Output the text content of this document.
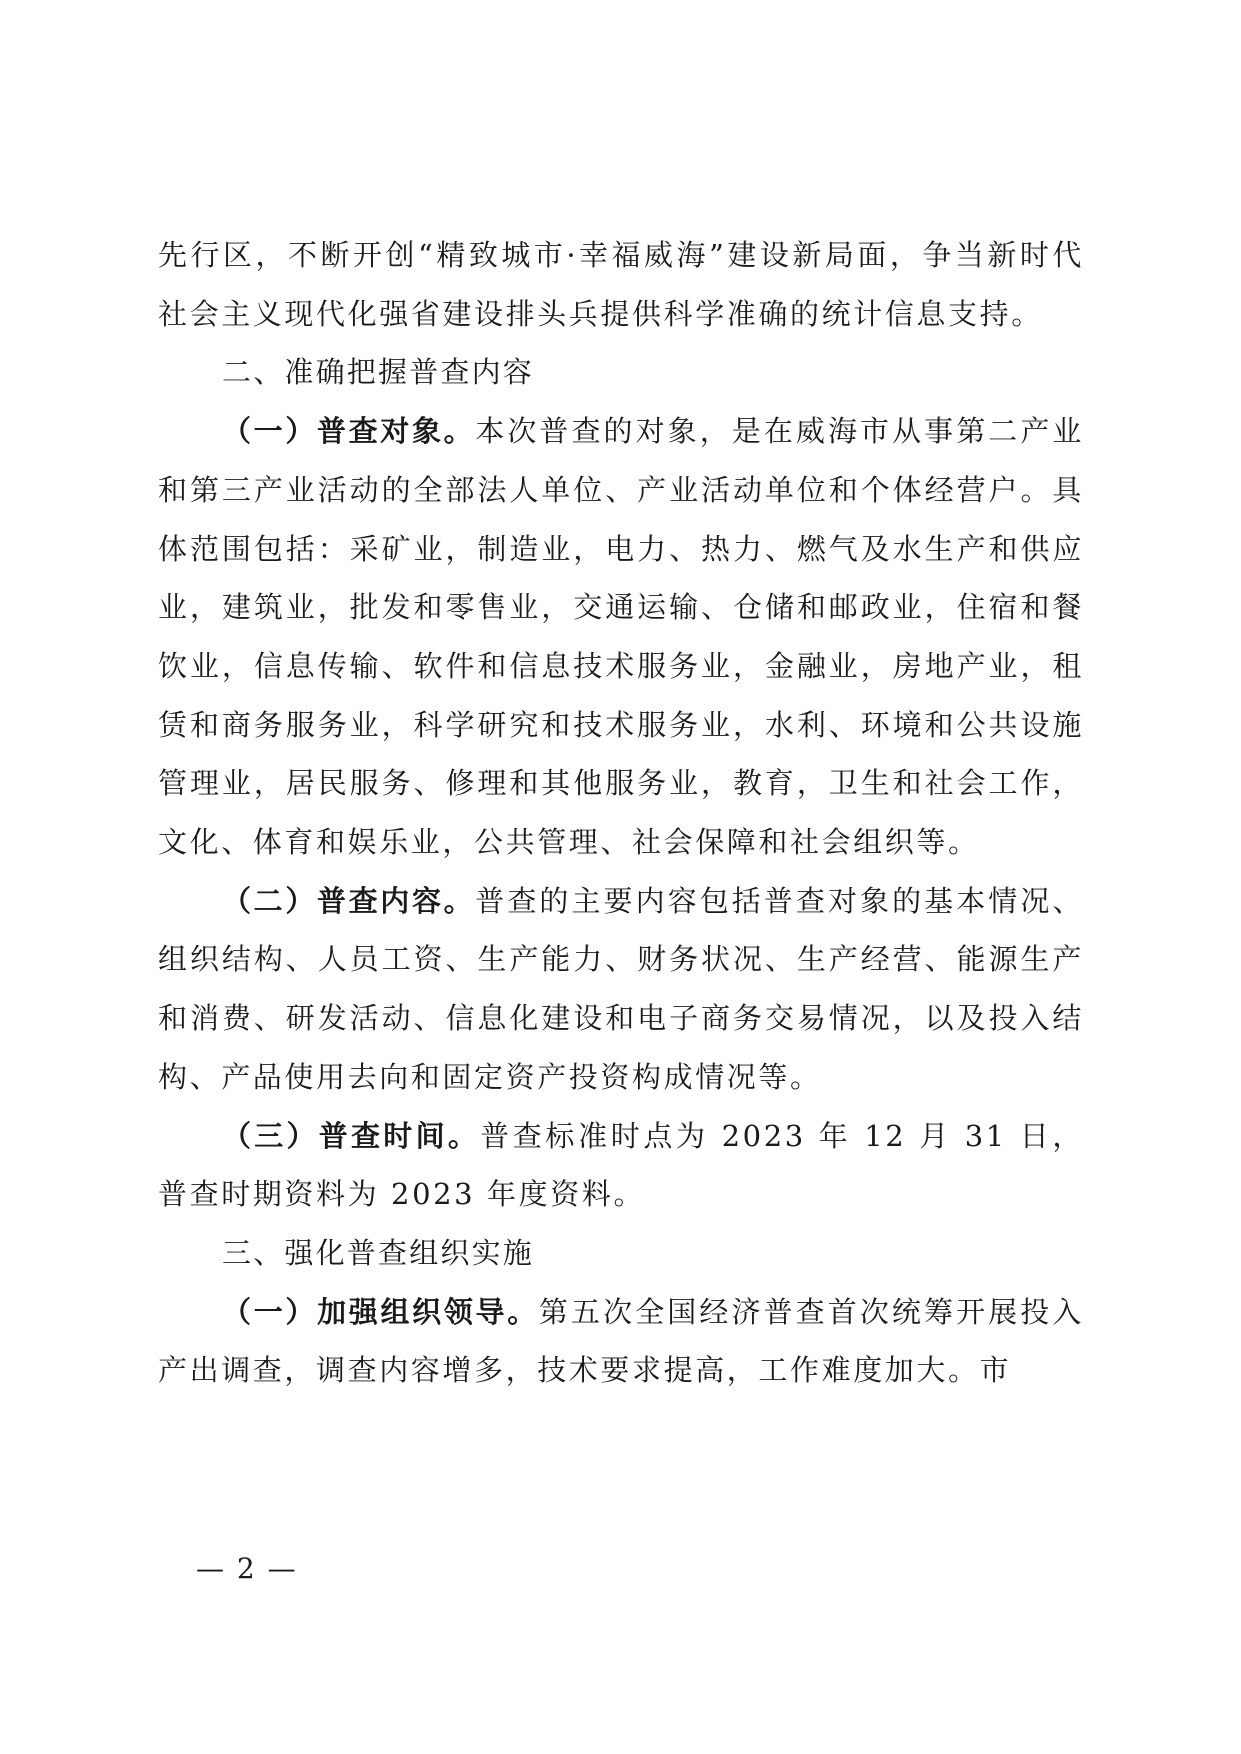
先行区，不断开创“精致城市·幸福威海”建设新局面，争当新时代社会主义现代化强省建设排头兵提供科学准确的统计信息支持。

二、准确把握普查内容

（一）普查对象。本次普查的对象，是在威海市从事第二产业和第三产业活动的全部法人单位、产业活动单位和个体经营户。具体范围包括：采矿业，制造业，电力、热力、燃气及水生产和供应业，建筑业，批发和零售业，交通运输、仓储和邮政业，住宿和餐饮业，信息传输、软件和信息技术服务业，金融业，房地产业，租赁和商务服务业，科学研究和技术服务业，水利、环境和公共设施管理业，居民服务、修理和其他服务业，教育，卫生和社会工作，文化、体育和娱乐业，公共管理、社会保障和社会组织等。

（二）普查内容。普查的主要内容包括普查对象的基本情况、组织结构、人员工资、生产能力、财务状况、生产经营、能源生产和消费、研发活动、信息化建设和电子商务交易情况，以及投入结构、产品使用去向和固定资产投资构成情况等。

（三）普查时间。普查标准时点为 2023 年 12 月 31 日，普查时期资料为 2023 年度资料。

三、强化普查组织实施

（一）加强组织领导。第五次全国经济普查首次统筹开展投入产出调查，调查内容增多，技术要求提高，工作难度加大。市

— 2 —
